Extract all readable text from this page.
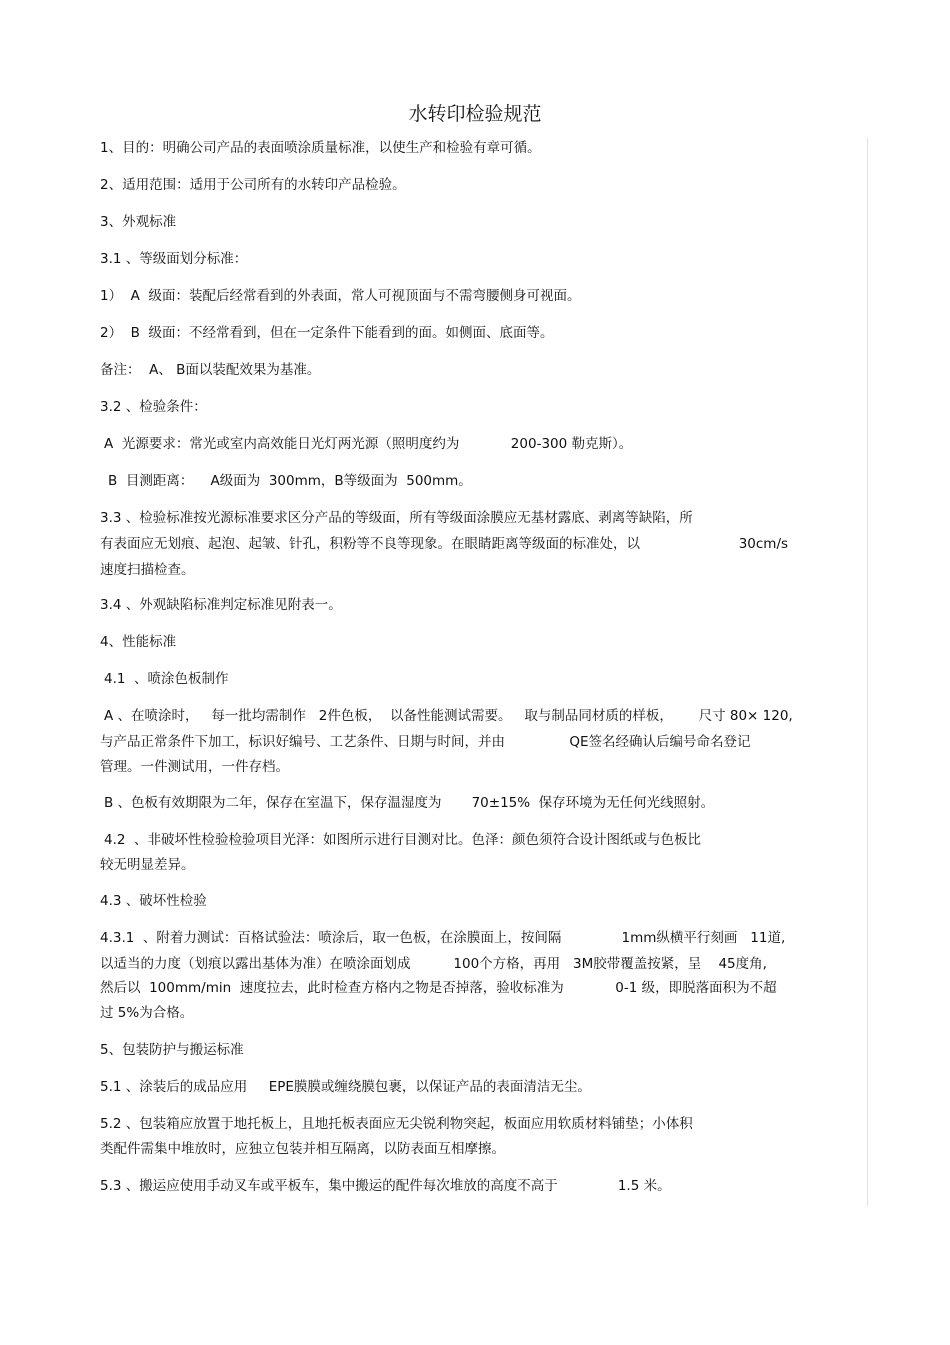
水转印检验规范
1、目的：明确公司产品的表面喷涂质量标准，以使生产和检验有章可循。
2、适用范围：适用于公司所有的水转印产品检验。
3、外观标准
3.1 、等级面划分标准：
1）  A  级面：装配后经常看到的外表面，常人可视顶面与不需弯腰侧身可视面。
2）  B  级面：不经常看到，但在一定条件下能看到的面。如侧面、底面等。
备注：  A、 B面以装配效果为基准。
3.2 、检验条件：
A  光源要求：常光或室内高效能日光灯两光源（照明度约为            200-300 勒克斯）。
B  目测距离：    A级面为  300mm，B等级面为  500mm。
3.3 、检验标准按光源标准要求区分产品的等级面，所有等级面涂膜应无基材露底、剥离等缺陷，所
有表面应无划痕、起泡、起皱、针孔，积粉等不良等现象。在眼睛距离等级面的标准处，以                       30cm/s
速度扫描检查。
3.4 、外观缺陷标准判定标准见附表一。
4、性能标准
4.1  、喷涂色板制作
A 、在喷涂时，   每一批均需制作   2件色板，  以备性能测试需要。   取与制品同材质的样板，      尺寸 80× 120,
与产品正常条件下加工，标识好编号、工艺条件、日期与时间，并由               QE签名经确认后编号命名登记
管理。一件测试用，一件存档。
B 、色板有效期限为二年，保存在室温下，保存温湿度为       70±15%  保存环境为无任何光线照射。
4.2  、非破坏性检验检验项目光泽：如图所示进行目测对比。色泽：颜色须符合设计图纸或与色板比
较无明显差异。
4.3 、破坏性检验
4.3.1  、附着力测试：百格试验法：喷涂后，取一色板，在涂膜面上，按间隔              1mm纵横平行刻画   11道,
以适当的力度（划痕以露出基体为准）在喷涂面划成          100个方格，再用   3M胶带覆盖按紧，呈    45度角,
然后以  100mm/min  速度拉去，此时检查方格内之物是否掉落，验收标准为            0-1 级，即脱落面积为不超
过 5%为合格。
5、包装防护与搬运标准
5.1 、涂装后的成品应用     EPE膜膜或缠绕膜包裹，以保证产品的表面清洁无尘。
5.2 、包装箱应放置于地托板上，且地托板表面应无尖锐利物突起，板面应用软质材料铺垫；小体积
类配件需集中堆放时，应独立包装并相互隔离，以防表面互相摩擦。
5.3 、搬运应使用手动叉车或平板车，集中搬运的配件每次堆放的高度不高于              1.5 米。
